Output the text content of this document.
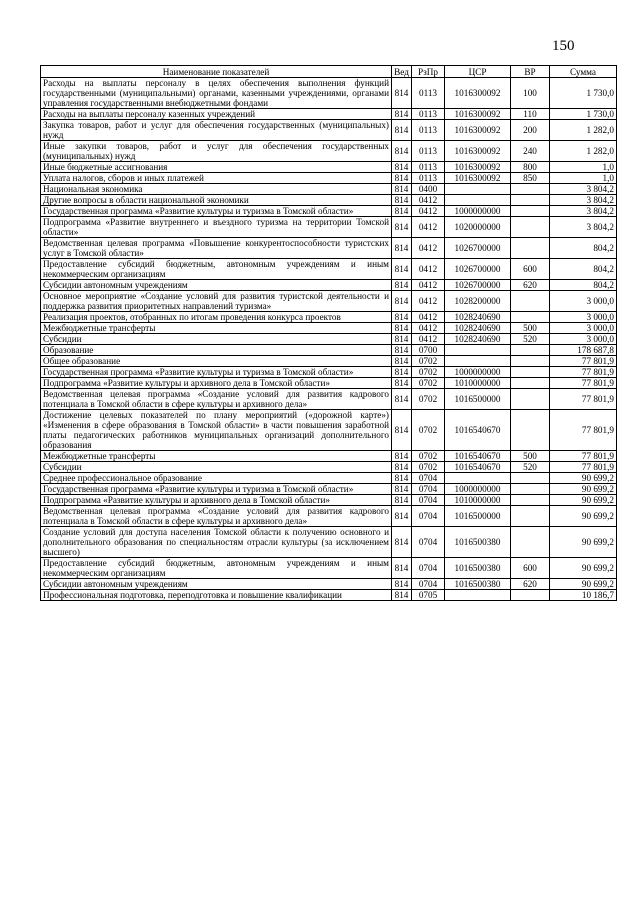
150
Наименование показателей	Вед	РзПр	ЦСР	ВР	Сумма
Расходы на выплаты персоналу в целях обеспечения выполнения функций государственными (муниципальными) органами, казенными учреждениями, органами управления государственными внебюджетными фондами	814	0113	1016300092	100	1 730,0
Расходы на выплаты персоналу казенных учреждений	814	0113	1016300092	110	1 730,0
Закупка товаров, работ и услуг для обеспечения государственных (муниципальных) нужд	814	0113	1016300092	200	1 282,0
Иные закупки товаров, работ и услуг для обеспечения государственных (муниципальных) нужд	814	0113	1016300092	240	1 282,0
Иные бюджетные ассигнования	814	0113	1016300092	800	1,0
Уплата налогов, сборов и иных платежей	814	0113	1016300092	850	1,0
Национальная экономика	814	0400			3 804,2
Другие вопросы в области национальной экономики	814	0412			3 804,2
Государственная программа «Развитие культуры и туризма в Томской области»	814	0412	1000000000		3 804,2
Подпрограмма «Развитие внутреннего и въездного туризма на территории Томской области»	814	0412	1020000000		3 804,2
Ведомственная целевая программа «Повышение конкурентоспособности туристских услуг в Томской области»	814	0412	1026700000		804,2
Предоставление субсидий бюджетным, автономным учреждениям и иным некоммерческим организациям	814	0412	1026700000	600	804,2
Субсидии автономным учреждениям	814	0412	1026700000	620	804,2
Основное мероприятие «Создание условий для развития туристской деятельности и поддержка развития приоритетных направлений туризма»	814	0412	1028200000		3 000,0
Реализация проектов, отобранных по итогам проведения конкурса проектов	814	0412	1028240690		3 000,0
Межбюджетные трансферты	814	0412	1028240690	500	3 000,0
Субсидии	814	0412	1028240690	520	3 000,0
Образование	814	0700			178 687,8
Общее образование	814	0702			77 801,9
Государственная программа «Развитие культуры и туризма в Томской области»	814	0702	1000000000		77 801,9
Подпрограмма «Развитие культуры и архивного дела в Томской области»	814	0702	1010000000		77 801,9
Ведомственная целевая программа «Создание условий для развития кадрового потенциала в Томской области в сфере культуры и архивного дела»	814	0702	1016500000		77 801,9
Достижение целевых показателей по плану мероприятий («дорожной карте») «Изменения в сфере образования в Томской области» в части повышения заработной платы педагогических работников муниципальных организаций дополнительного образования	814	0702	1016540670		77 801,9
Межбюджетные трансферты	814	0702	1016540670	500	77 801,9
Субсидии	814	0702	1016540670	520	77 801,9
Среднее профессиональное образование	814	0704			90 699,2
Государственная программа «Развитие культуры и туризма в Томской области»	814	0704	1000000000		90 699,2
Подпрограмма «Развитие культуры и архивного дела в Томской области»	814	0704	1010000000		90 699,2
Ведомственная целевая программа «Создание условий для развития кадрового потенциала в Томской области в сфере культуры и архивного дела»	814	0704	1016500000		90 699,2
Создание условий для доступа населения Томской области к получению основного и дополнительного образования по специальностям отрасли культуры (за исключением высшего)	814	0704	1016500380		90 699,2
Предоставление субсидий бюджетным, автономным учреждениям и иным некоммерческим организациям	814	0704	1016500380	600	90 699,2
Субсидии автономным учреждениям	814	0704	1016500380	620	90 699,2
Профессиональная подготовка, переподготовка и повышение квалификации	814	0705			10 186,7
